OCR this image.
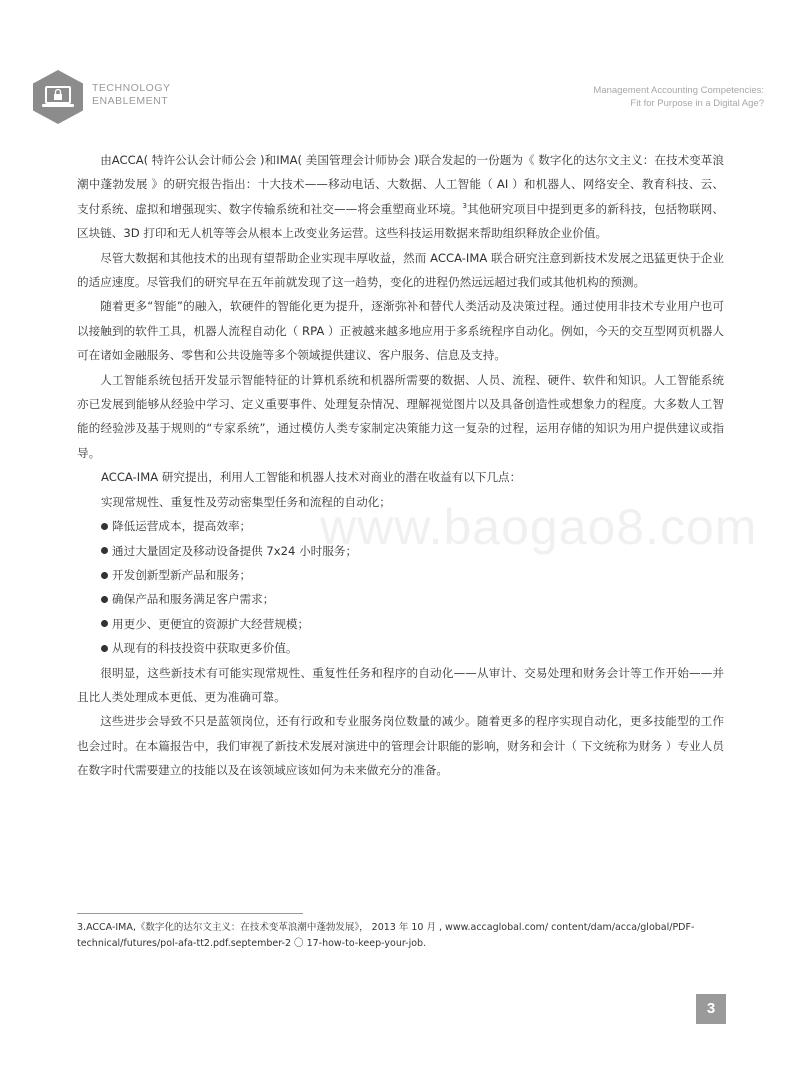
TECHNOLOGY
ENABLEMENT
Management Accounting Competencies:
Fit for Purpose in a Digital Age?

由ACCA( 特许公认会计师公会 )和IMA( 美国管理会计师协会 )联合发起的一份题为《 数字化的达尔文主义：在技术变革浪潮中蓬勃发展 》的研究报告指出：十大技术——移动电话、大数据、人工智能（ AI ）和机器人、网络安全、教育科技、云、支付系统、虚拟和增强现实、数字传输系统和社交——将会重塑商业环境。$^3$其他研究项目中提到更多的新科技，包括物联网、区块链、3D 打印和无人机等等会从根本上改变业务运营。这些科技运用数据来帮助组织释放企业价值。

尽管大数据和其他技术的出现有望帮助企业实现丰厚收益，然而 ACCA-IMA 联合研究注意到新技术发展之迅猛更快于企业的适应速度。尽管我们的研究早在五年前就发现了这一趋势，变化的进程仍然远远超过我们或其他机构的预测。

随着更多“智能”的融入，软硬件的智能化更为提升，逐渐弥补和替代人类活动及决策过程。通过使用非技术专业用户也可以接触到的软件工具，机器人流程自动化（ RPA ）正被越来越多地应用于多系统程序自动化。例如，今天的交互型网页机器人可在诸如金融服务、零售和公共设施等多个领域提供建议、客户服务、信息及支持。

人工智能系统包括开发显示智能特征的计算机系统和机器所需要的数据、人员、流程、硬件、软件和知识。人工智能系统亦已发展到能够从经验中学习、定义重要事件、处理复杂情况、理解视觉图片以及具备创造性或想象力的程度。大多数人工智能的经验涉及基于规则的“专家系统”，通过模仿人类专家制定决策能力这一复杂的过程，运用存储的知识为用户提供建议或指导。

ACCA-IMA 研究提出，利用人工智能和机器人技术对商业的潜在收益有以下几点：

实现常规性、重复性及劳动密集型任务和流程的自动化；

降低运营成本，提高效率；
通过大量固定及移动设备提供 7x24 小时服务；
开发创新型新产品和服务；
确保产品和服务满足客户需求；
用更少、更便宜的资源扩大经营规模；
从现有的科技投资中获取更多价值。

很明显，这些新技术有可能实现常规性、重复性任务和程序的自动化——从审计、交易处理和财务会计等工作开始——并且比人类处理成本更低、更为准确可靠。

这些进步会导致不只是蓝领岗位，还有行政和专业服务岗位数量的减少。随着更多的程序实现自动化，更多技能型的工作也会过时。在本篇报告中，我们审视了新技术发展对演进中的管理会计职能的影响，财务和会计（ 下文统称为财务 ）专业人员在数字时代需要建立的技能以及在该领域应该如何为未来做充分的准备。

www.baogao8.com
3.ACCA-IMA,《数字化的达尔文主义：在技术变革浪潮中蓬勃发展》， 2013 年 10 月 , www.accaglobal.com/ content/dam/acca/global/PDF-technical/futures/pol-afa-tt2.pdf.september-2 〇 17-how-to-keep-your-job.
3
